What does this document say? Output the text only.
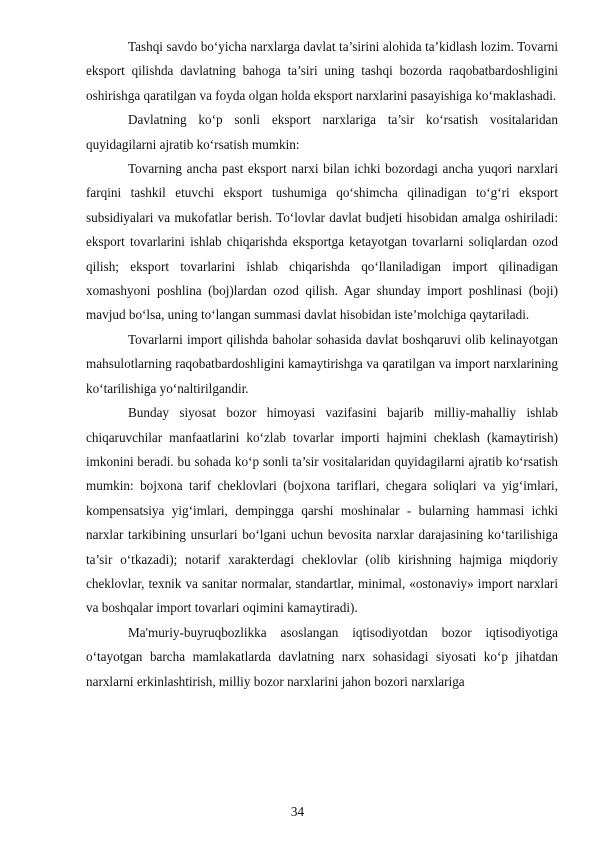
Tashqi savdo bo‘yicha narxlarga davlat ta’sirini alohida ta’kidlash lozim. Tovarni eksport qilishda davlatning bahoga ta’siri uning tashqi bozorda raqobatbardoshligini oshirishga qaratilgan va foyda olgan holda eksport narxlarini pasayishiga ko‘maklashadi.

Davlatning ko‘p sonli eksport narxlariga ta’sir ko‘rsatish vositalaridan quyidagilarni ajratib ko‘rsatish mumkin:

Tovarning ancha past eksport narxi bilan ichki bozordagi ancha yuqori narxlari farqini tashkil etuvchi eksport tushumiga qo‘shimcha qilinadigan to‘g‘ri eksport subsidiyalari va mukofatlar berish. To‘lovlar davlat budjeti hisobidan amalga oshiriladi: eksport tovarlarini ishlab chiqarishda eksportga ketayotgan tovarlarni soliqlardan ozod qilish; eksport tovarlarini ishlab chiqarishda qo‘llaniladigan import qilinadigan xomashyoni poshlina (boj)lardan ozod qilish. Agar shunday import poshlinasi (boji) mavjud bo‘lsa, uning to‘langan summasi davlat hisobidan iste’molchiga qaytariladi.

Tovarlarni import qilishda baholar sohasida davlat boshqaruvi olib kelinayotgan mahsulotlarning raqobatbardoshligini kamaytirishga va qaratilgan va import narxlarining ko‘tarilishiga yo‘naltirilgandir.

Bunday siyosat bozor himoyasi vazifasini bajarib milliy-mahalliy ishlab chiqaruvchilar manfaatlarini ko‘zlab tovarlar importi hajmini cheklash (kamaytirish) imkonini beradi. bu sohada ko‘p sonli ta’sir vositalaridan quyidagilarni ajratib ko‘rsatish mumkin: bojxona tarif cheklovlari (bojxona tariflari, chegara soliqlari va yig‘imlari, kompensatsiya yig‘imlari, dempingga qarshi moshinalar - bularning hammasi ichki narxlar tarkibining unsurlari bo‘lgani uchun bevosita narxlar darajasining ko‘tarilishiga ta’sir o‘tkazadi); notarif xarakterdagi cheklovlar (olib kirishning hajmiga miqdoriy cheklovlar, texnik va sanitar normalar, standartlar, minimal, «ostonaviy» import narxlari va boshqalar import tovarlari oqimini kamaytiradi).

Ma'muriy-buyruqbozlikka asoslangan iqtisodiyotdan bozor iqtisodiyotiga o‘tayotgan barcha mamlakatlarda davlatning narx sohasidagi siyosati ko‘p jihatdan narxlarni erkinlashtirish, milliy bozor narxlarini jahon bozori narxlariga

34
